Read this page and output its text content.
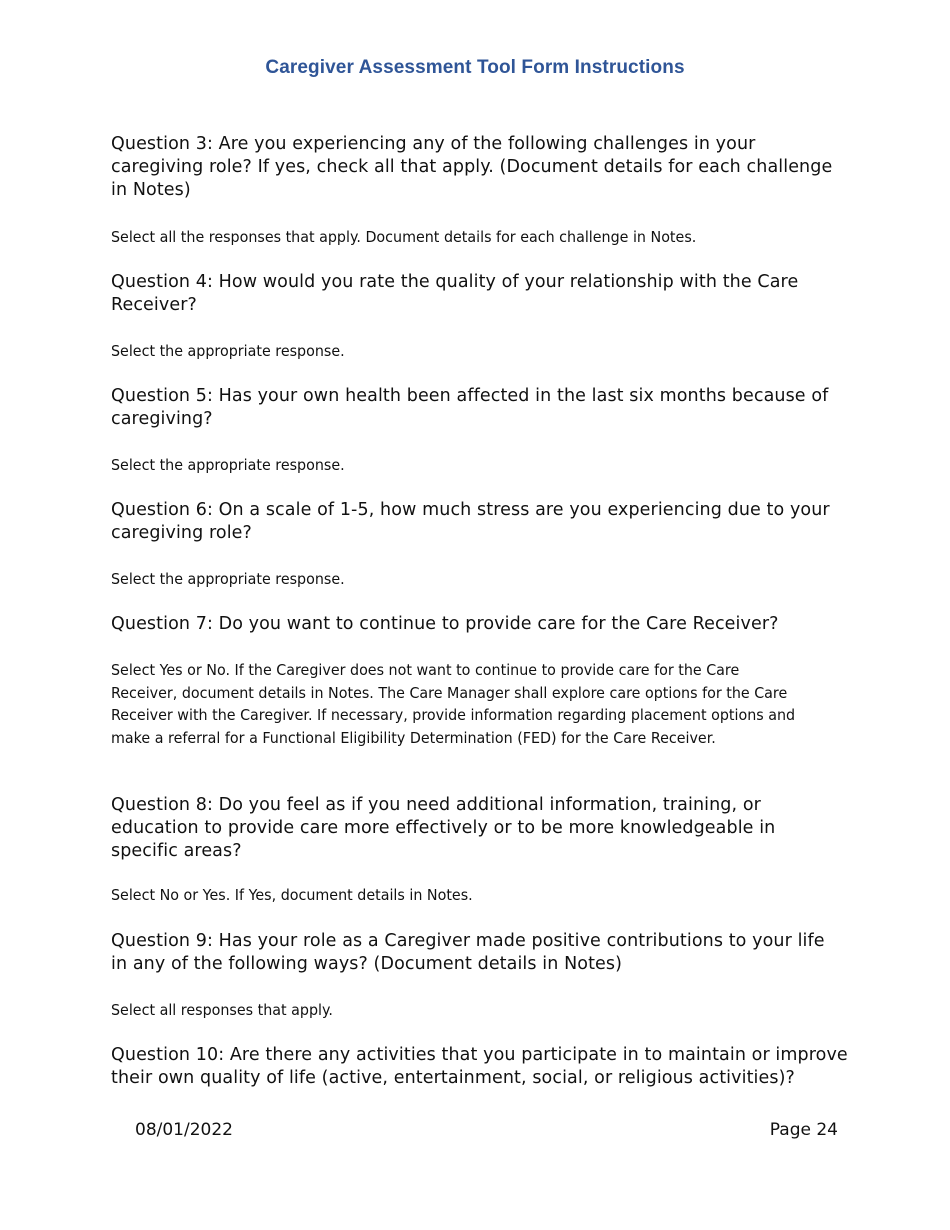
Caregiver Assessment Tool Form Instructions

Question 3: Are you experiencing any of the following challenges in your caregiving role? If yes, check all that apply. (Document details for each challenge in Notes)

Select all the responses that apply. Document details for each challenge in Notes.

Question 4: How would you rate the quality of your relationship with the Care Receiver?

Select the appropriate response.

Question 5: Has your own health been affected in the last six months because of caregiving?

Select the appropriate response.

Question 6: On a scale of 1-5, how much stress are you experiencing due to your caregiving role?

Select the appropriate response.

Question 7: Do you want to continue to provide care for the Care Receiver?

Select Yes or No. If the Caregiver does not want to continue to provide care for the Care Receiver, document details in Notes. The Care Manager shall explore care options for the Care Receiver with the Caregiver. If necessary, provide information regarding placement options and make a referral for a Functional Eligibility Determination (FED) for the Care Receiver.

Question 8: Do you feel as if you need additional information, training, or education to provide care more effectively or to be more knowledgeable in specific areas?

Select No or Yes. If Yes, document details in Notes.

Question 9: Has your role as a Caregiver made positive contributions to your life in any of the following ways? (Document details in Notes)

Select all responses that apply.

Question 10: Are there any activities that you participate in to maintain or improve their own quality of life (active, entertainment, social, or religious activities)?

08/01/2022	Page 24
